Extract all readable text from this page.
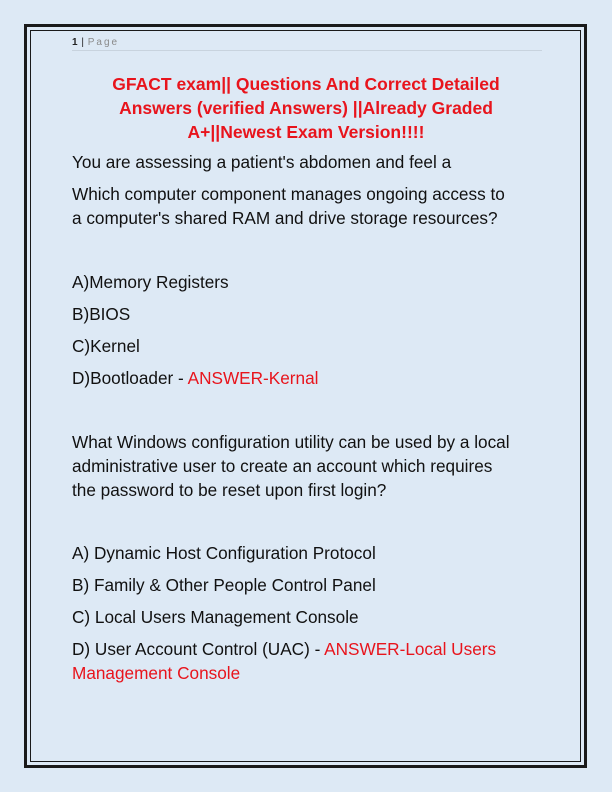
1 | Page
GFACT exam|| Questions And Correct Detailed
Answers (verified Answers) ||Already Graded
A+||Newest Exam Version!!!!
You are assessing a patient's abdomen and feel a
Which computer component manages ongoing access to
a computer's shared RAM and drive storage resources?
A)Memory Registers
B)BIOS
C)Kernel
D)Bootloader - ANSWER-Kernal
What Windows configuration utility can be used by a local
administrative user to create an account which requires
the password to be reset upon first login?
A) Dynamic Host Configuration Protocol
B) Family & Other People Control Panel
C) Local Users Management Console
D) User Account Control (UAC) - ANSWER-Local Users
Management Console
